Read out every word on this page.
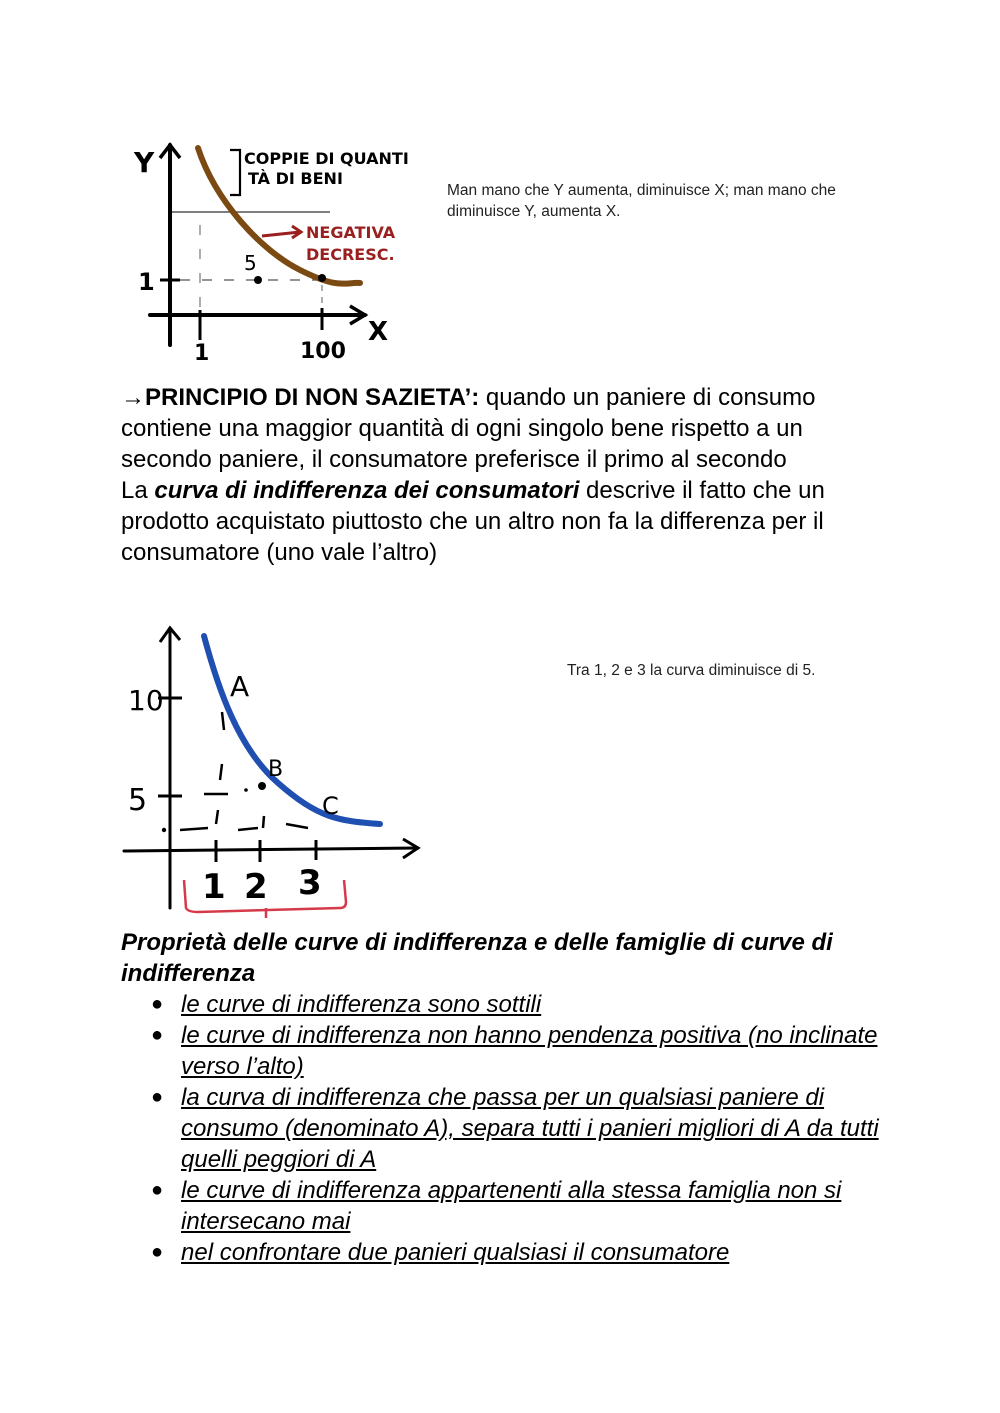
Y
X
COPPIE DI QUANTI
TÀ DI BENI
NEGATIVA
DECRESC.
1
1	100
5
Man mano che Y aumenta, diminuisce X; man mano che diminuisce Y, aumenta X.

→PRINCIPIO DI NON SAZIETA’: quando un paniere di consumo contiene una maggior quantità di ogni singolo bene rispetto a un secondo paniere, il consumatore preferisce il primo al secondo

La curva di indifferenza dei consumatori descrive il fatto che un prodotto acquistato piuttosto che un altro non fa la differenza per il consumatore (uno vale l’altro)

10
5
A
B
C
1 2 3
Tra 1, 2 e 3 la curva diminuisce di 5.

Proprietà delle curve di indifferenza e delle famiglie di curve di indifferenza

● le curve di indifferenza sono sottili
● le curve di indifferenza non hanno pendenza positiva (no inclinate verso l’alto)
● la curva di indifferenza che passa per un qualsiasi paniere di consumo (denominato A), separa tutti i panieri migliori di A da tutti quelli peggiori di A
● le curve di indifferenza appartenenti alla stessa famiglia non si intersecano mai
● nel confrontare due panieri qualsiasi il consumatore
